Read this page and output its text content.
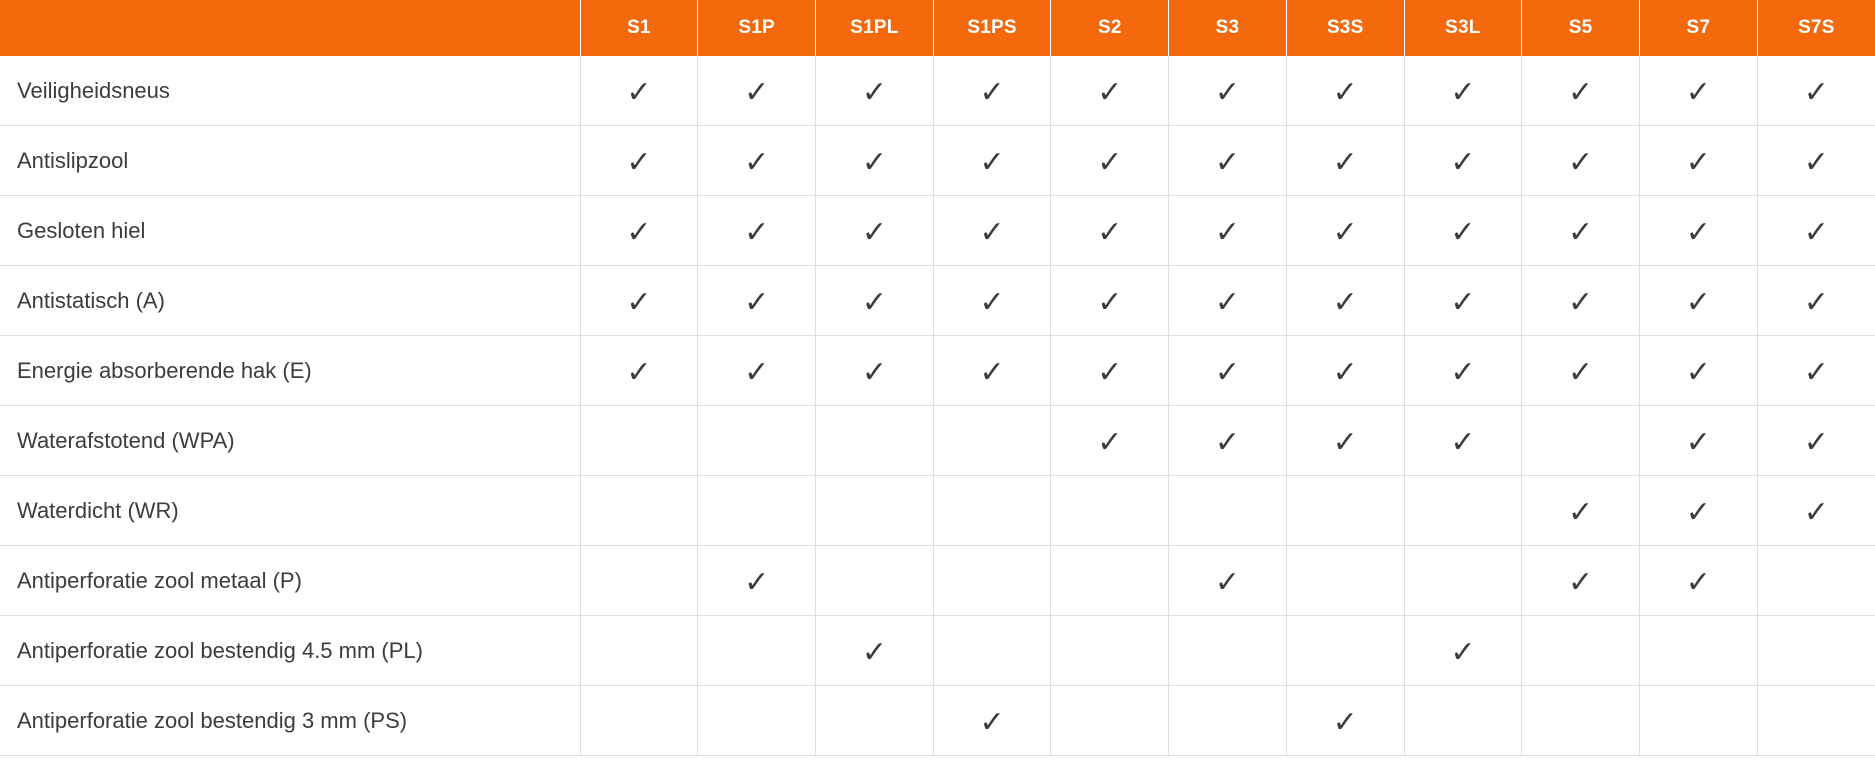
	S1	S1P	S1PL	S1PS	S2	S3	S3S	S3L	S5	S7	S7S
Veiligheidsneus	✓	✓	✓	✓	✓	✓	✓	✓	✓	✓	✓
Antislipzool	✓	✓	✓	✓	✓	✓	✓	✓	✓	✓	✓
Gesloten hiel	✓	✓	✓	✓	✓	✓	✓	✓	✓	✓	✓
Antistatisch (A)	✓	✓	✓	✓	✓	✓	✓	✓	✓	✓	✓
Energie absorberende hak (E)	✓	✓	✓	✓	✓	✓	✓	✓	✓	✓	✓
Waterafstotend (WPA)					✓	✓	✓	✓		✓	✓
Waterdicht (WR)									✓	✓	✓
Antiperforatie zool metaal (P)		✓				✓			✓	✓	
Antiperforatie zool bestendig 4.5 mm (PL)			✓					✓			
Antiperforatie zool bestendig 3 mm (PS)				✓			✓				
